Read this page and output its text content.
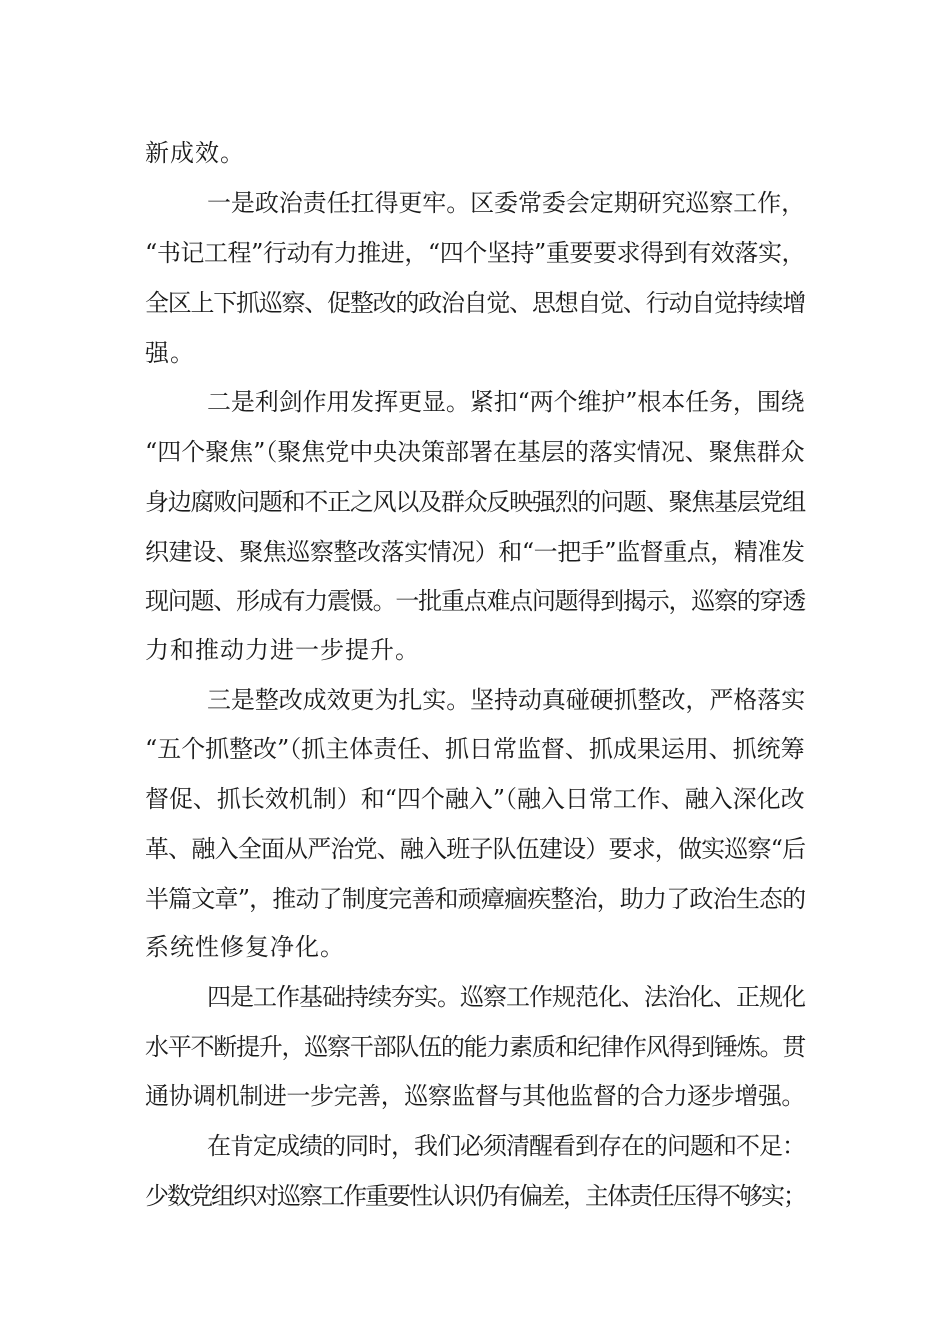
新成效。
一是政治责任扛得更牢。区委常委会定期研究巡察工作，
“书记工程”行动有力推进，“四个坚持”重要要求得到有效落实，
全区上下抓巡察、促整改的政治自觉、思想自觉、行动自觉持续增
强。
二是利剑作用发挥更显。紧扣“两个维护”根本任务，围绕
“四个聚焦”（聚焦党中央决策部署在基层的落实情况、聚焦群众
身边腐败问题和不正之风以及群众反映强烈的问题、聚焦基层党组
织建设、聚焦巡察整改落实情况）和“一把手”监督重点，精准发
现问题、形成有力震慑。一批重点难点问题得到揭示，巡察的穿透
力和推动力进一步提升。
三是整改成效更为扎实。坚持动真碰硬抓整改，严格落实
“五个抓整改”（抓主体责任、抓日常监督、抓成果运用、抓统筹
督促、抓长效机制）和“四个融入”（融入日常工作、融入深化改
革、融入全面从严治党、融入班子队伍建设）要求，做实巡察“后
半篇文章”，推动了制度完善和顽瘴痼疾整治，助力了政治生态的
系统性修复净化。
四是工作基础持续夯实。巡察工作规范化、法治化、正规化
水平不断提升，巡察干部队伍的能力素质和纪律作风得到锤炼。贯
通协调机制进一步完善，巡察监督与其他监督的合力逐步增强。
在肯定成绩的同时，我们必须清醒看到存在的问题和不足：
少数党组织对巡察工作重要性认识仍有偏差，主体责任压得不够实；
